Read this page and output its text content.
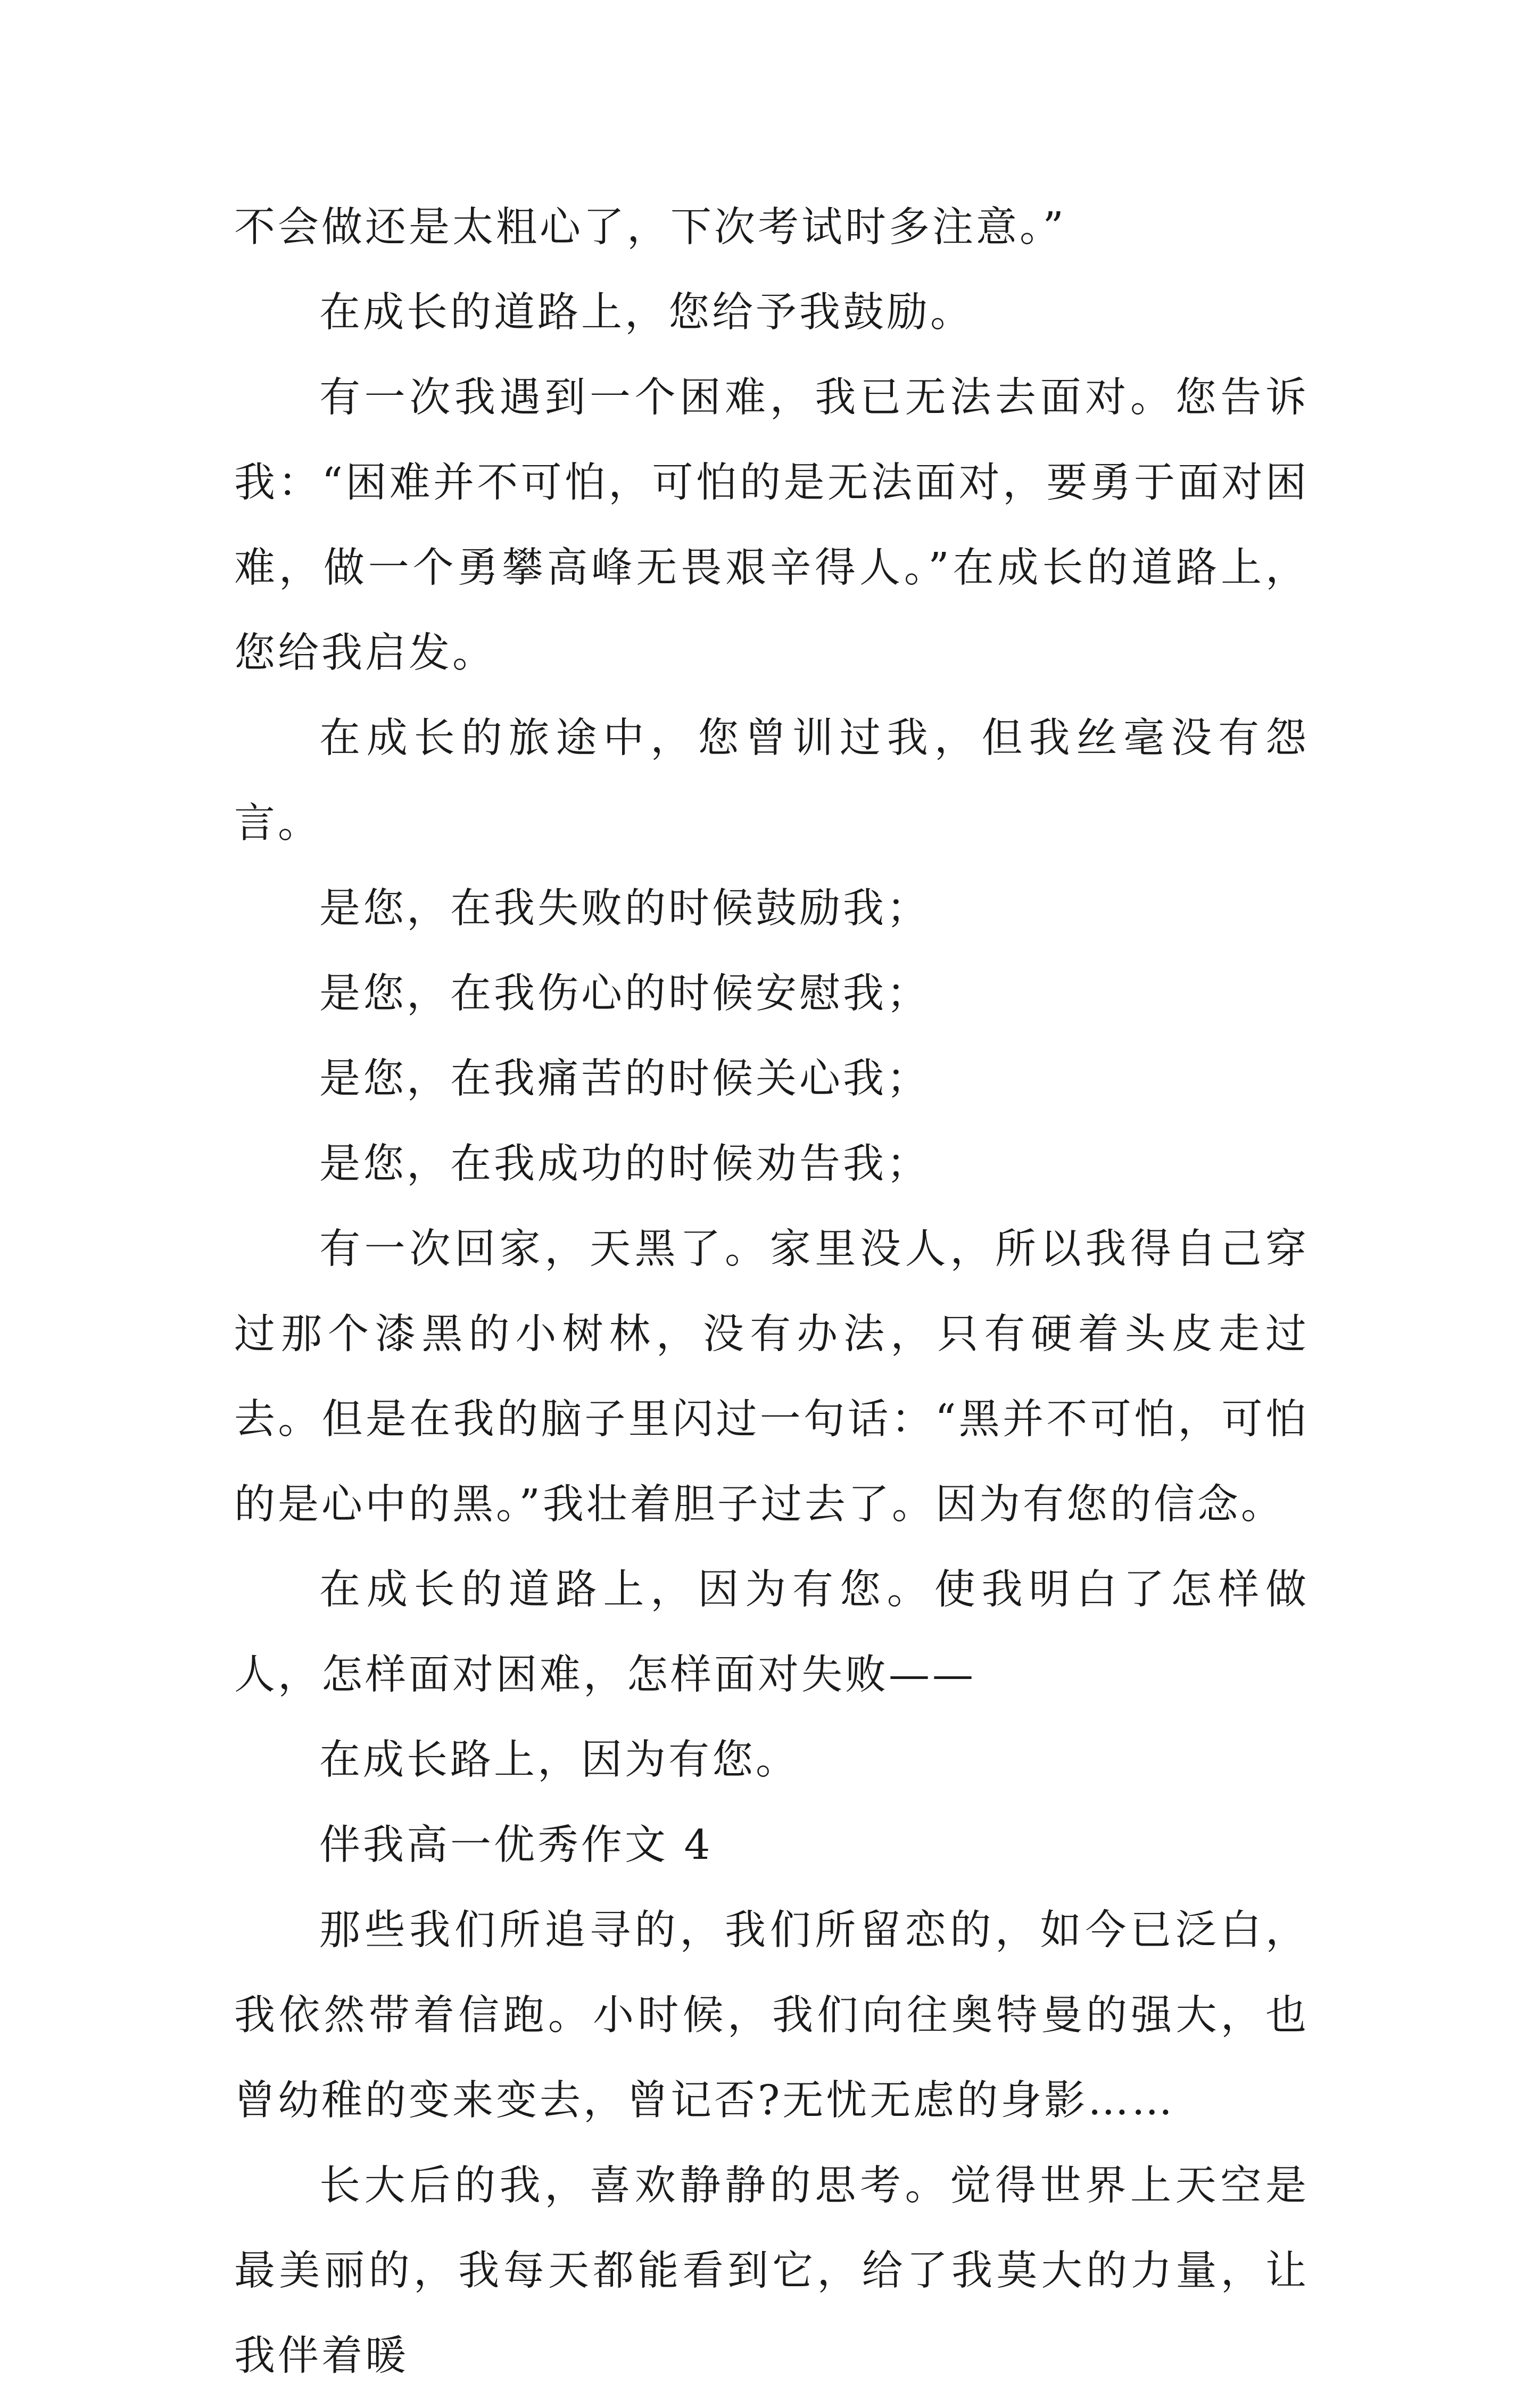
不会做还是太粗心了，下次考试时多注意。”

在成长的道路上，您给予我鼓励。

有一次我遇到一个困难，我已无法去面对。您告诉我：“困难并不可怕，可怕的是无法面对，要勇于面对困难，做一个勇攀高峰无畏艰辛得人。”在成长的道路上，您给我启发。

在成长的旅途中，您曾训过我，但我丝毫没有怨言。

是您，在我失败的时候鼓励我；

是您，在我伤心的时候安慰我；

是您，在我痛苦的时候关心我；

是您，在我成功的时候劝告我；

有一次回家，天黑了。家里没人，所以我得自己穿过那个漆黑的小树林，没有办法，只有硬着头皮走过去。但是在我的脑子里闪过一句话：“黑并不可怕，可怕的是心中的黑。”我壮着胆子过去了。因为有您的信念。

在成长的道路上，因为有您。使我明白了怎样做人，怎样面对困难，怎样面对失败——

在成长路上，因为有您。

伴我高一优秀作文 4

那些我们所追寻的，我们所留恋的，如今已泛白，我依然带着信跑。小时候，我们向往奥特曼的强大，也曾幼稚的变来变去，曾记否?无忧无虑的身影……

长大后的我，喜欢静静的思考。觉得世界上天空是最美丽的，我每天都能看到它，给了我莫大的力量，让我伴着暖
